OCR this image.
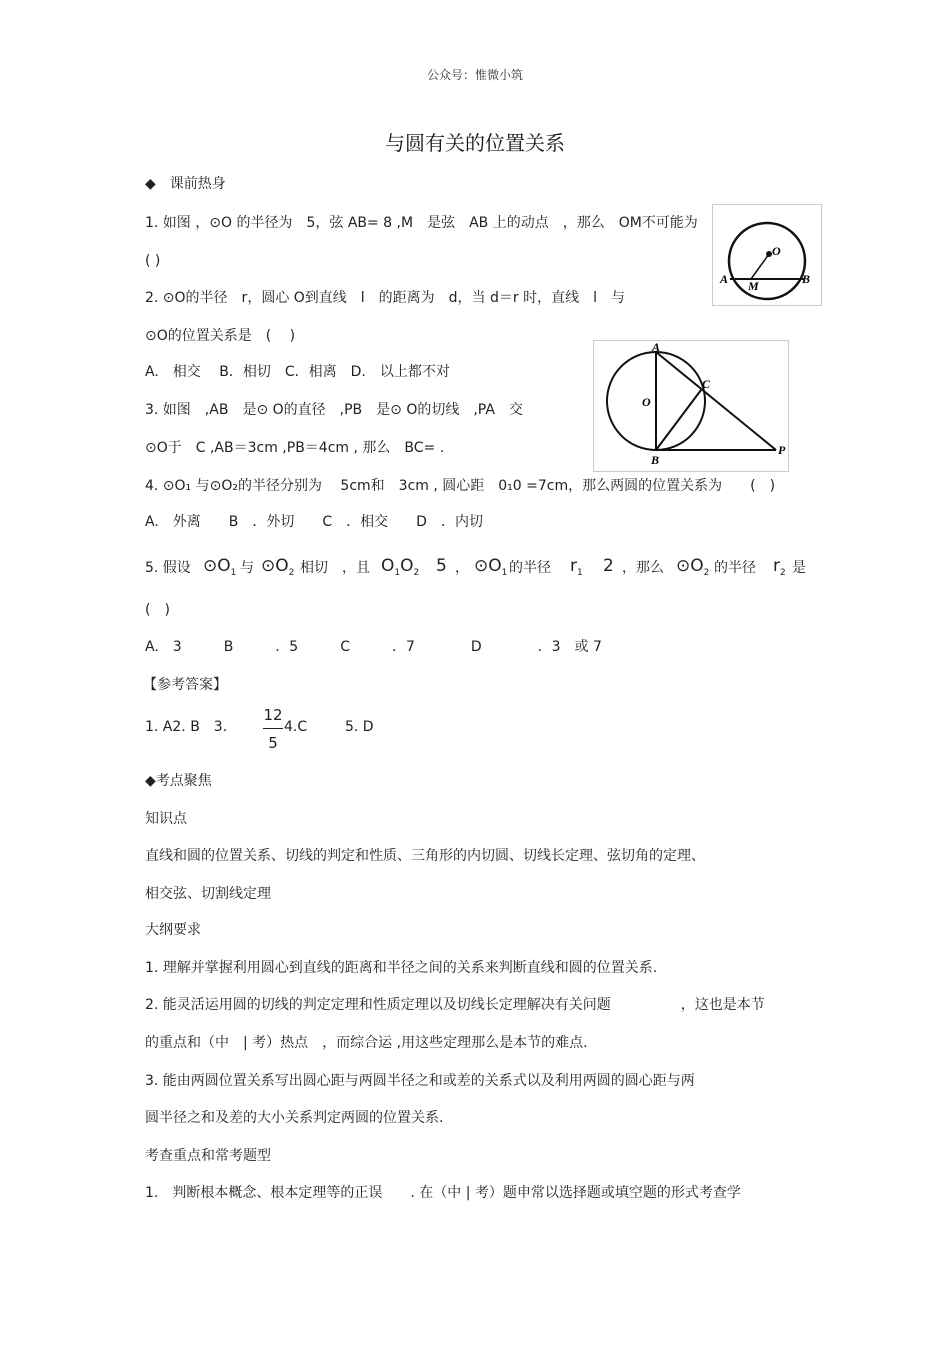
公众号：惟微小筑
与圆有关的位置关系
◆　课前热身
1. 如图 ，⊙O 的半径为　5，弦 AB= 8 ,M　是弦　AB 上的动点　，那么　OM不可能为
( )
O
A M	B
2. ⊙O的半径　r，圆心 O到直线　l　的距离为　d，当 d＝r 时，直线　l　与
⊙O的位置关系是　(　 )
A.　相交　 B．相切　C．相离　D.　以上都不对
A
O
C
B
P
3. 如图　,AB　是⊙ O的直径　,PB　是⊙ O的切线　,PA　交
⊙O于　C ,AB＝3cm ,PB＝4cm , 那么　BC= .
4. ⊙O₁ 与⊙O₂的半径分别为　 5cm和　3cm , 圆心距　0₁0 =7cm，那么两圆的位置关系为　　(　)
A.　外离　　B　．外切　　C　．相交　　D　．内切
5. 假设 $⊙O_1$ 与 $⊙O_2$ 相切　，且 $O_1O_2$ 5 ， $⊙O_1$ 的半径 $r_1$ 2 ，那么 $⊙O_2$ 的半径 $r_2$ 是
(　)
A.　3　　　B　　　．5　　　C　　　．7　　　　D　　　　．3　或 7
【参考答案】
1. A2. B　3.
12
5
4.C	5. D
◆考点聚焦
知识点
直线和圆的位置关系、切线的判定和性质、三角形的内切圆、切线长定理、弦切角的定理、
相交弦、切割线定理
大纲要求
1. 理解并掌握利用圆心到直线的距离和半径之间的关系来判断直线和圆的位置关系.
2. 能灵活运用圆的切线的判定定理和性质定理以及切线长定理解决有关问题　　　　　，这也是本节
的重点和（中　| 考）热点　，而综合运 ,用这些定理那么是本节的难点.
3. 能由两圆位置关系写出圆心距与两圆半径之和或差的关系式以及利用两圆的圆心距与两
圆半径之和及差的大小关系判定两圆的位置关系.
考查重点和常考题型
1.　判断根本概念、根本定理等的正误　　. 在（中 | 考）题申常以选择题或填空题的形式考查学
